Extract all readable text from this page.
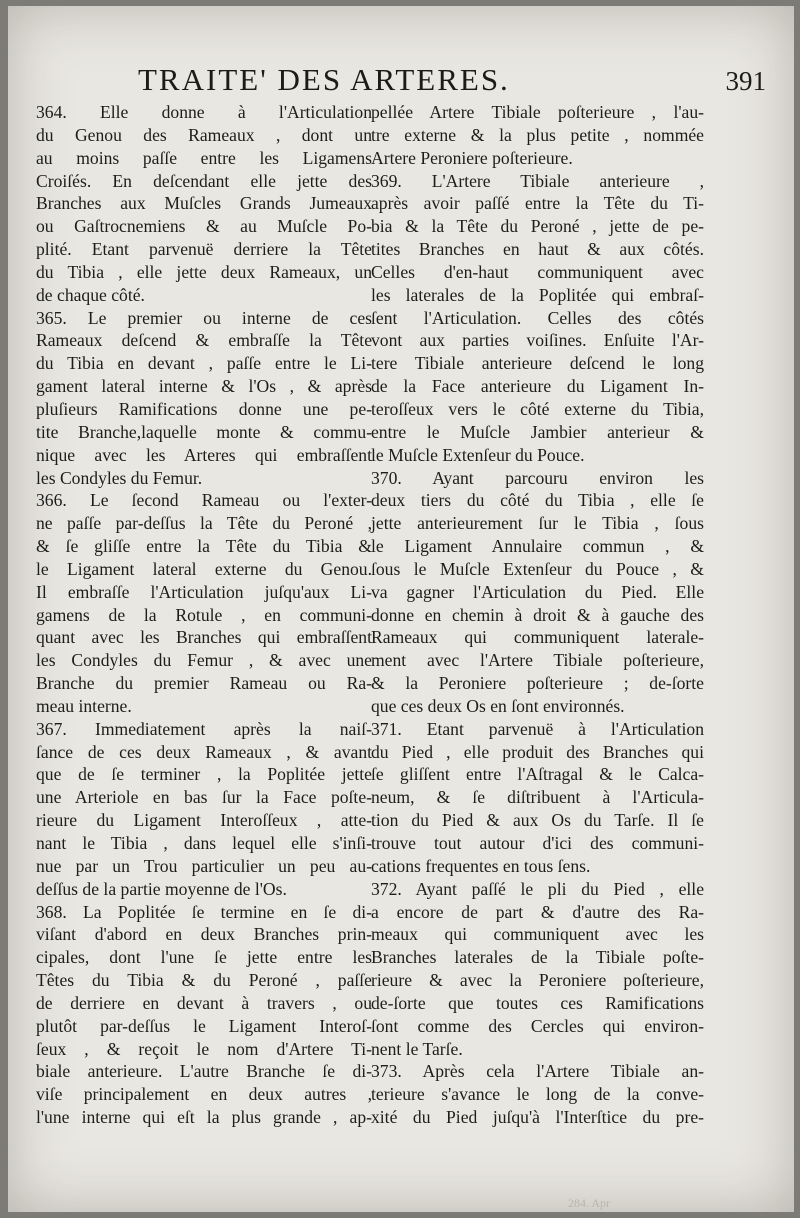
TRAITE' DES ARTERES.	391

364. Elle donne à l'Articulation

du Genou des Rameaux , dont un

au moins paſſe entre les Ligamens

Croiſés. En deſcendant elle jette des

Branches aux Muſcles Grands Jumeaux

ou Gaſtrocnemiens & au Muſcle Po-

plité. Etant parvenuë derriere la Tête

du Tibia , elle jette deux Rameaux, un

de chaque côté.

365. Le premier ou interne de ces

Rameaux deſcend & embraſſe la Tête

du Tibia en devant , paſſe entre le Li-

gament lateral interne & l'Os , & après

pluſieurs Ramifications donne une pe-

tite Branche,laquelle monte & commu-

nique avec les Arteres qui embraſſent

les Condyles du Femur.

366. Le ſecond Rameau ou l'exter-

ne paſſe par-deſſus la Tête du Peroné ,

& ſe gliſſe entre la Tête du Tibia &

le Ligament lateral externe du Genou.

Il embraſſe l'Articulation juſqu'aux Li-

gamens de la Rotule , en communi-

quant avec les Branches qui embraſſent

les Condyles du Femur , & avec une

Branche du premier Rameau ou Ra-

meau interne.

367. Immediatement après la naiſ-

ſance de ces deux Rameaux , & avant

que de ſe terminer , la Poplitée jette

une Arteriole en bas ſur la Face poſte-

rieure du Ligament Interoſſeux , atte-

nant le Tibia , dans lequel elle s'inſi-

nue par un Trou particulier un peu au-

deſſus de la partie moyenne de l'Os.

368. La Poplitée ſe termine en ſe di-

viſant d'abord en deux Branches prin-

cipales, dont l'une ſe jette entre les

Têtes du Tibia & du Peroné , paſſe

de derriere en devant à travers , ou

plutôt par-deſſus le Ligament Interoſ-

ſeux , & reçoit le nom d'Artere Ti-

biale anterieure. L'autre Branche ſe di-

viſe principalement en deux autres ,

l'une interne qui eſt la plus grande , ap-

pellée Artere Tibiale poſterieure , l'au-

tre externe & la plus petite , nommée

Artere Peroniere poſterieure.

369. L'Artere Tibiale anterieure ,

après avoir paſſé entre la Tête du Ti-

bia & la Tête du Peroné , jette de pe-

tites Branches en haut & aux côtés.

Celles d'en-haut communiquent avec

les laterales de la Poplitée qui embraſ-

ſent l'Articulation. Celles des côtés

vont aux parties voiſines. Enſuite l'Ar-

tere Tibiale anterieure deſcend le long

de la Face anterieure du Ligament In-

teroſſeux vers le côté externe du Tibia,

entre le Muſcle Jambier anterieur &

le Muſcle Extenſeur du Pouce.

370. Ayant parcouru environ les

deux tiers du côté du Tibia , elle ſe

jette anterieurement ſur le Tibia , ſous

le Ligament Annulaire commun , &

ſous le Muſcle Extenſeur du Pouce , &

va gagner l'Articulation du Pied. Elle

donne en chemin à droit & à gauche des

Rameaux qui communiquent laterale-

ment avec l'Artere Tibiale poſterieure,

& la Peroniere poſterieure ; de-ſorte

que ces deux Os en ſont environnés.

371. Etant parvenuë à l'Articulation

du Pied , elle produit des Branches qui

ſe gliſſent entre l'Aſtragal & le Calca-

neum, & ſe diſtribuent à l'Articula-

tion du Pied & aux Os du Tarſe. Il ſe

trouve tout autour d'ici des communi-

cations frequentes en tous ſens.

372. Ayant paſſé le pli du Pied , elle

a encore de part & d'autre des Ra-

meaux qui communiquent avec les

Branches laterales de la Tibiale poſte-

rieure & avec la Peroniere poſterieure,

de-ſorte que toutes ces Ramifications

ſont comme des Cercles qui environ-

nent le Tarſe.

373. Après cela l'Artere Tibiale an-

terieure s'avance le long de la conve-

xité du Pied juſqu'à l'Interſtice du pre-

284. Apr
